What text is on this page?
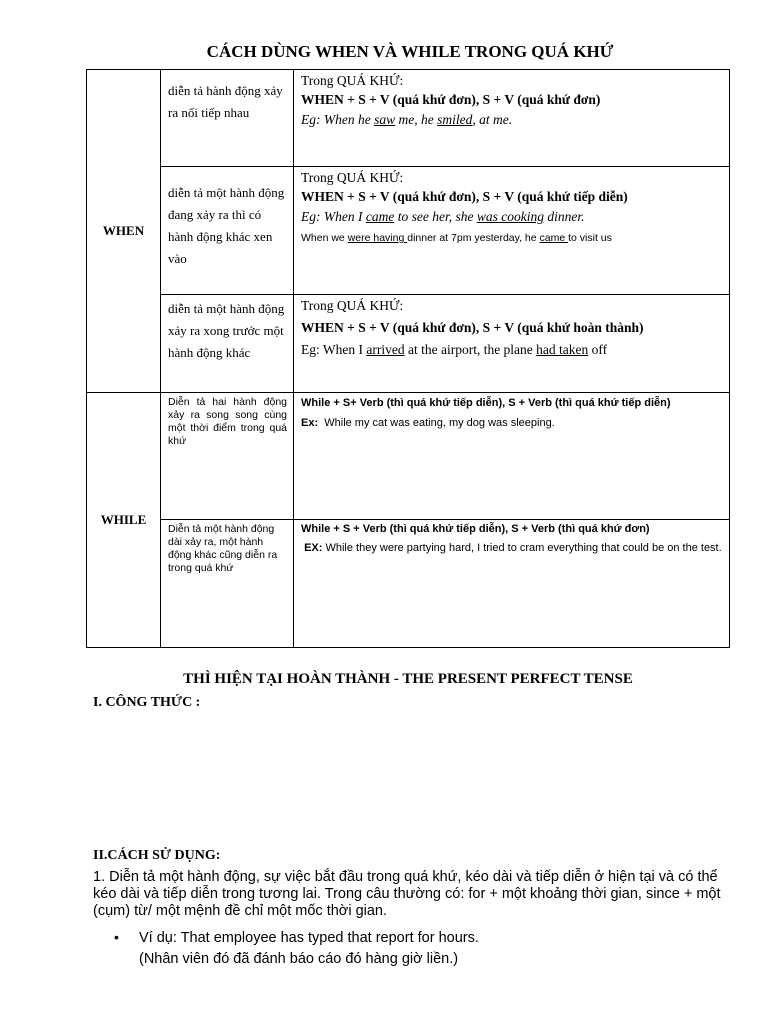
CÁCH DÙNG WHEN VÀ WHILE TRONG QUÁ KHỨ
WHEN	diễn tả hành động xảy ra nối tiếp nhau	Trong QUÁ KHỨ:
WHEN + S + V (quá khứ đơn), S + V (quá khứ đơn)
Eg: When he saw me, he smiled, at me.

	diễn tả một hành động đang xảy ra thì có hành động khác xen vào	Trong QUÁ KHỨ:
WHEN + S + V (quá khứ đơn), S + V (quá khứ tiếp diễn)
Eg: When I came to see her, she was cooking dinner.
When we were having dinner at 7pm yesterday, he came to visit us

	diễn tả một hành động xảy ra xong trước một hành động khác	Trong QUÁ KHỨ:
WHEN + S + V (quá khứ đơn), S + V (quá khứ hoàn thành)
Eg: When I arrived at the airport, the plane had taken off

WHILE	Diễn tả hai hành động xảy ra song song cùng một thời điểm trong quá khứ	While + S+ Verb (thì quá khứ tiếp diễn), S + Verb (thì quá khứ tiếp diễn)
Ex: While my cat was eating, my dog was sleeping.

	Diễn tả một hành động dài xảy ra, một hành động khác cũng diễn ra trong quá khứ	While + S + Verb (thì quá khứ tiếp diễn), S + Verb (thì quá khứ đơn)
EX: While they were partying hard, I tried to cram everything that could be on the test.
THÌ HIỆN TẠI HOÀN THÀNH - THE PRESENT PERFECT TENSE
I. CÔNG THỨC :
II.CÁCH SỬ DỤNG:
1. Diễn tả một hành động, sự việc bắt đầu trong quá khứ, kéo dài và tiếp diễn ở hiện tại và có thể kéo dài và tiếp diễn trong tương lai. Trong câu thường có: for + một khoảng thời gian, since + một (cụm) từ/ một mệnh đề chỉ một mốc thời gian.
• Ví dụ: That employee has typed that report for hours.
(Nhân viên đó đã đánh báo cáo đó hàng giờ liền.)
